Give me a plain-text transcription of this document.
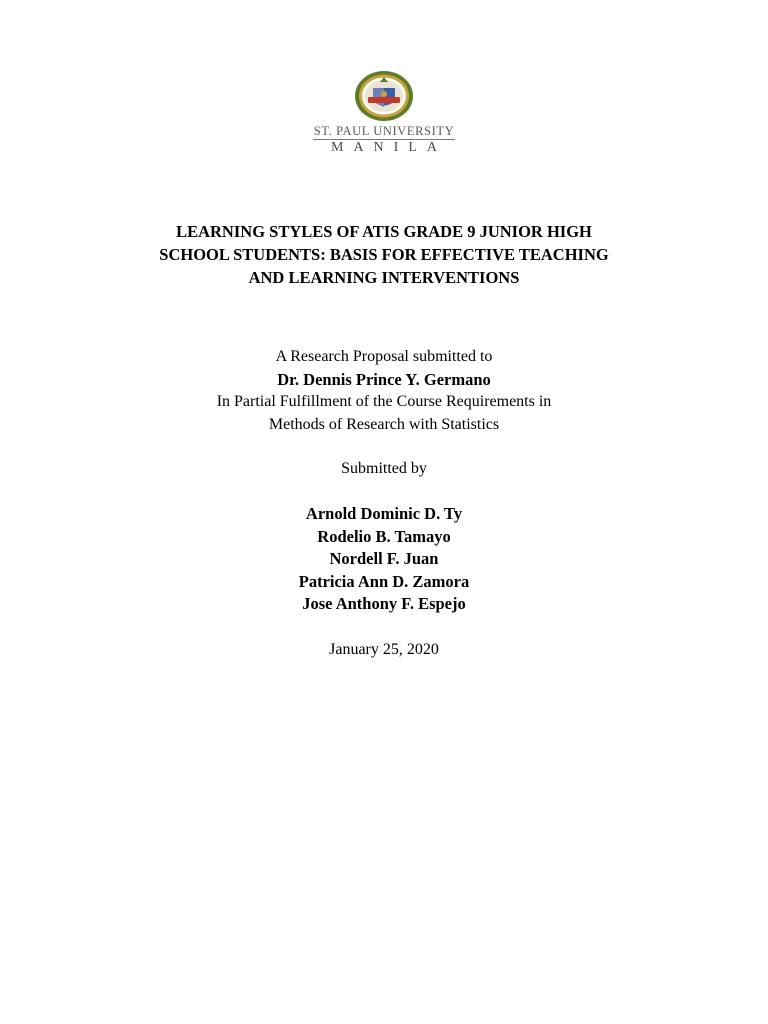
ST. PAUL UNIVERSITY
MANILA
LEARNING STYLES OF ATIS GRADE 9 JUNIOR HIGH
SCHOOL STUDENTS: BASIS FOR EFFECTIVE TEACHING
AND LEARNING INTERVENTIONS
A Research Proposal submitted to
Dr. Dennis Prince Y. Germano
In Partial Fulfillment of the Course Requirements in
Methods of Research with Statistics
Submitted by
Arnold Dominic D. Ty
Rodelio B. Tamayo
Nordell F. Juan
Patricia Ann D. Zamora
Jose Anthony F. Espejo
January 25, 2020
